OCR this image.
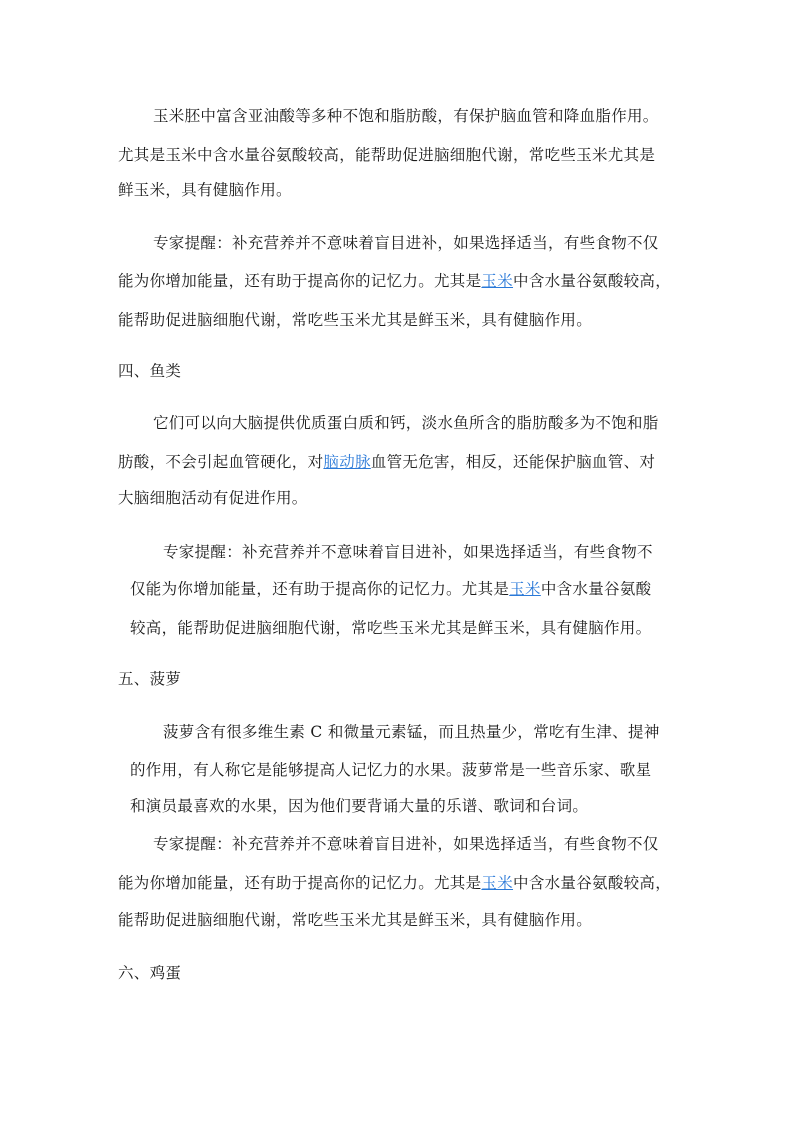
玉米胚中富含亚油酸等多种不饱和脂肪酸，有保护脑血管和降血脂作用。
尤其是玉米中含水量谷氨酸较高，能帮助促进脑细胞代谢，常吃些玉米尤其是
鲜玉米，具有健脑作用。
专家提醒：补充营养并不意味着盲目进补，如果选择适当，有些食物不仅
能为你增加能量，还有助于提高你的记忆力。尤其是玉米中含水量谷氨酸较高，
能帮助促进脑细胞代谢，常吃些玉米尤其是鲜玉米，具有健脑作用。
四、鱼类
它们可以向大脑提供优质蛋白质和钙，淡水鱼所含的脂肪酸多为不饱和脂
肪酸，不会引起血管硬化，对脑动脉血管无危害，相反，还能保护脑血管、对
大脑细胞活动有促进作用。
专家提醒：补充营养并不意味着盲目进补，如果选择适当，有些食物不
仅能为你增加能量，还有助于提高你的记忆力。尤其是玉米中含水量谷氨酸
较高，能帮助促进脑细胞代谢，常吃些玉米尤其是鲜玉米，具有健脑作用。
五、菠萝
菠萝含有很多维生素 C 和微量元素锰，而且热量少，常吃有生津、提神
的作用，有人称它是能够提高人记忆力的水果。菠萝常是一些音乐家、歌星
和演员最喜欢的水果，因为他们要背诵大量的乐谱、歌词和台词。
专家提醒：补充营养并不意味着盲目进补，如果选择适当，有些食物不仅
能为你增加能量，还有助于提高你的记忆力。尤其是玉米中含水量谷氨酸较高，
能帮助促进脑细胞代谢，常吃些玉米尤其是鲜玉米，具有健脑作用。
六、鸡蛋
